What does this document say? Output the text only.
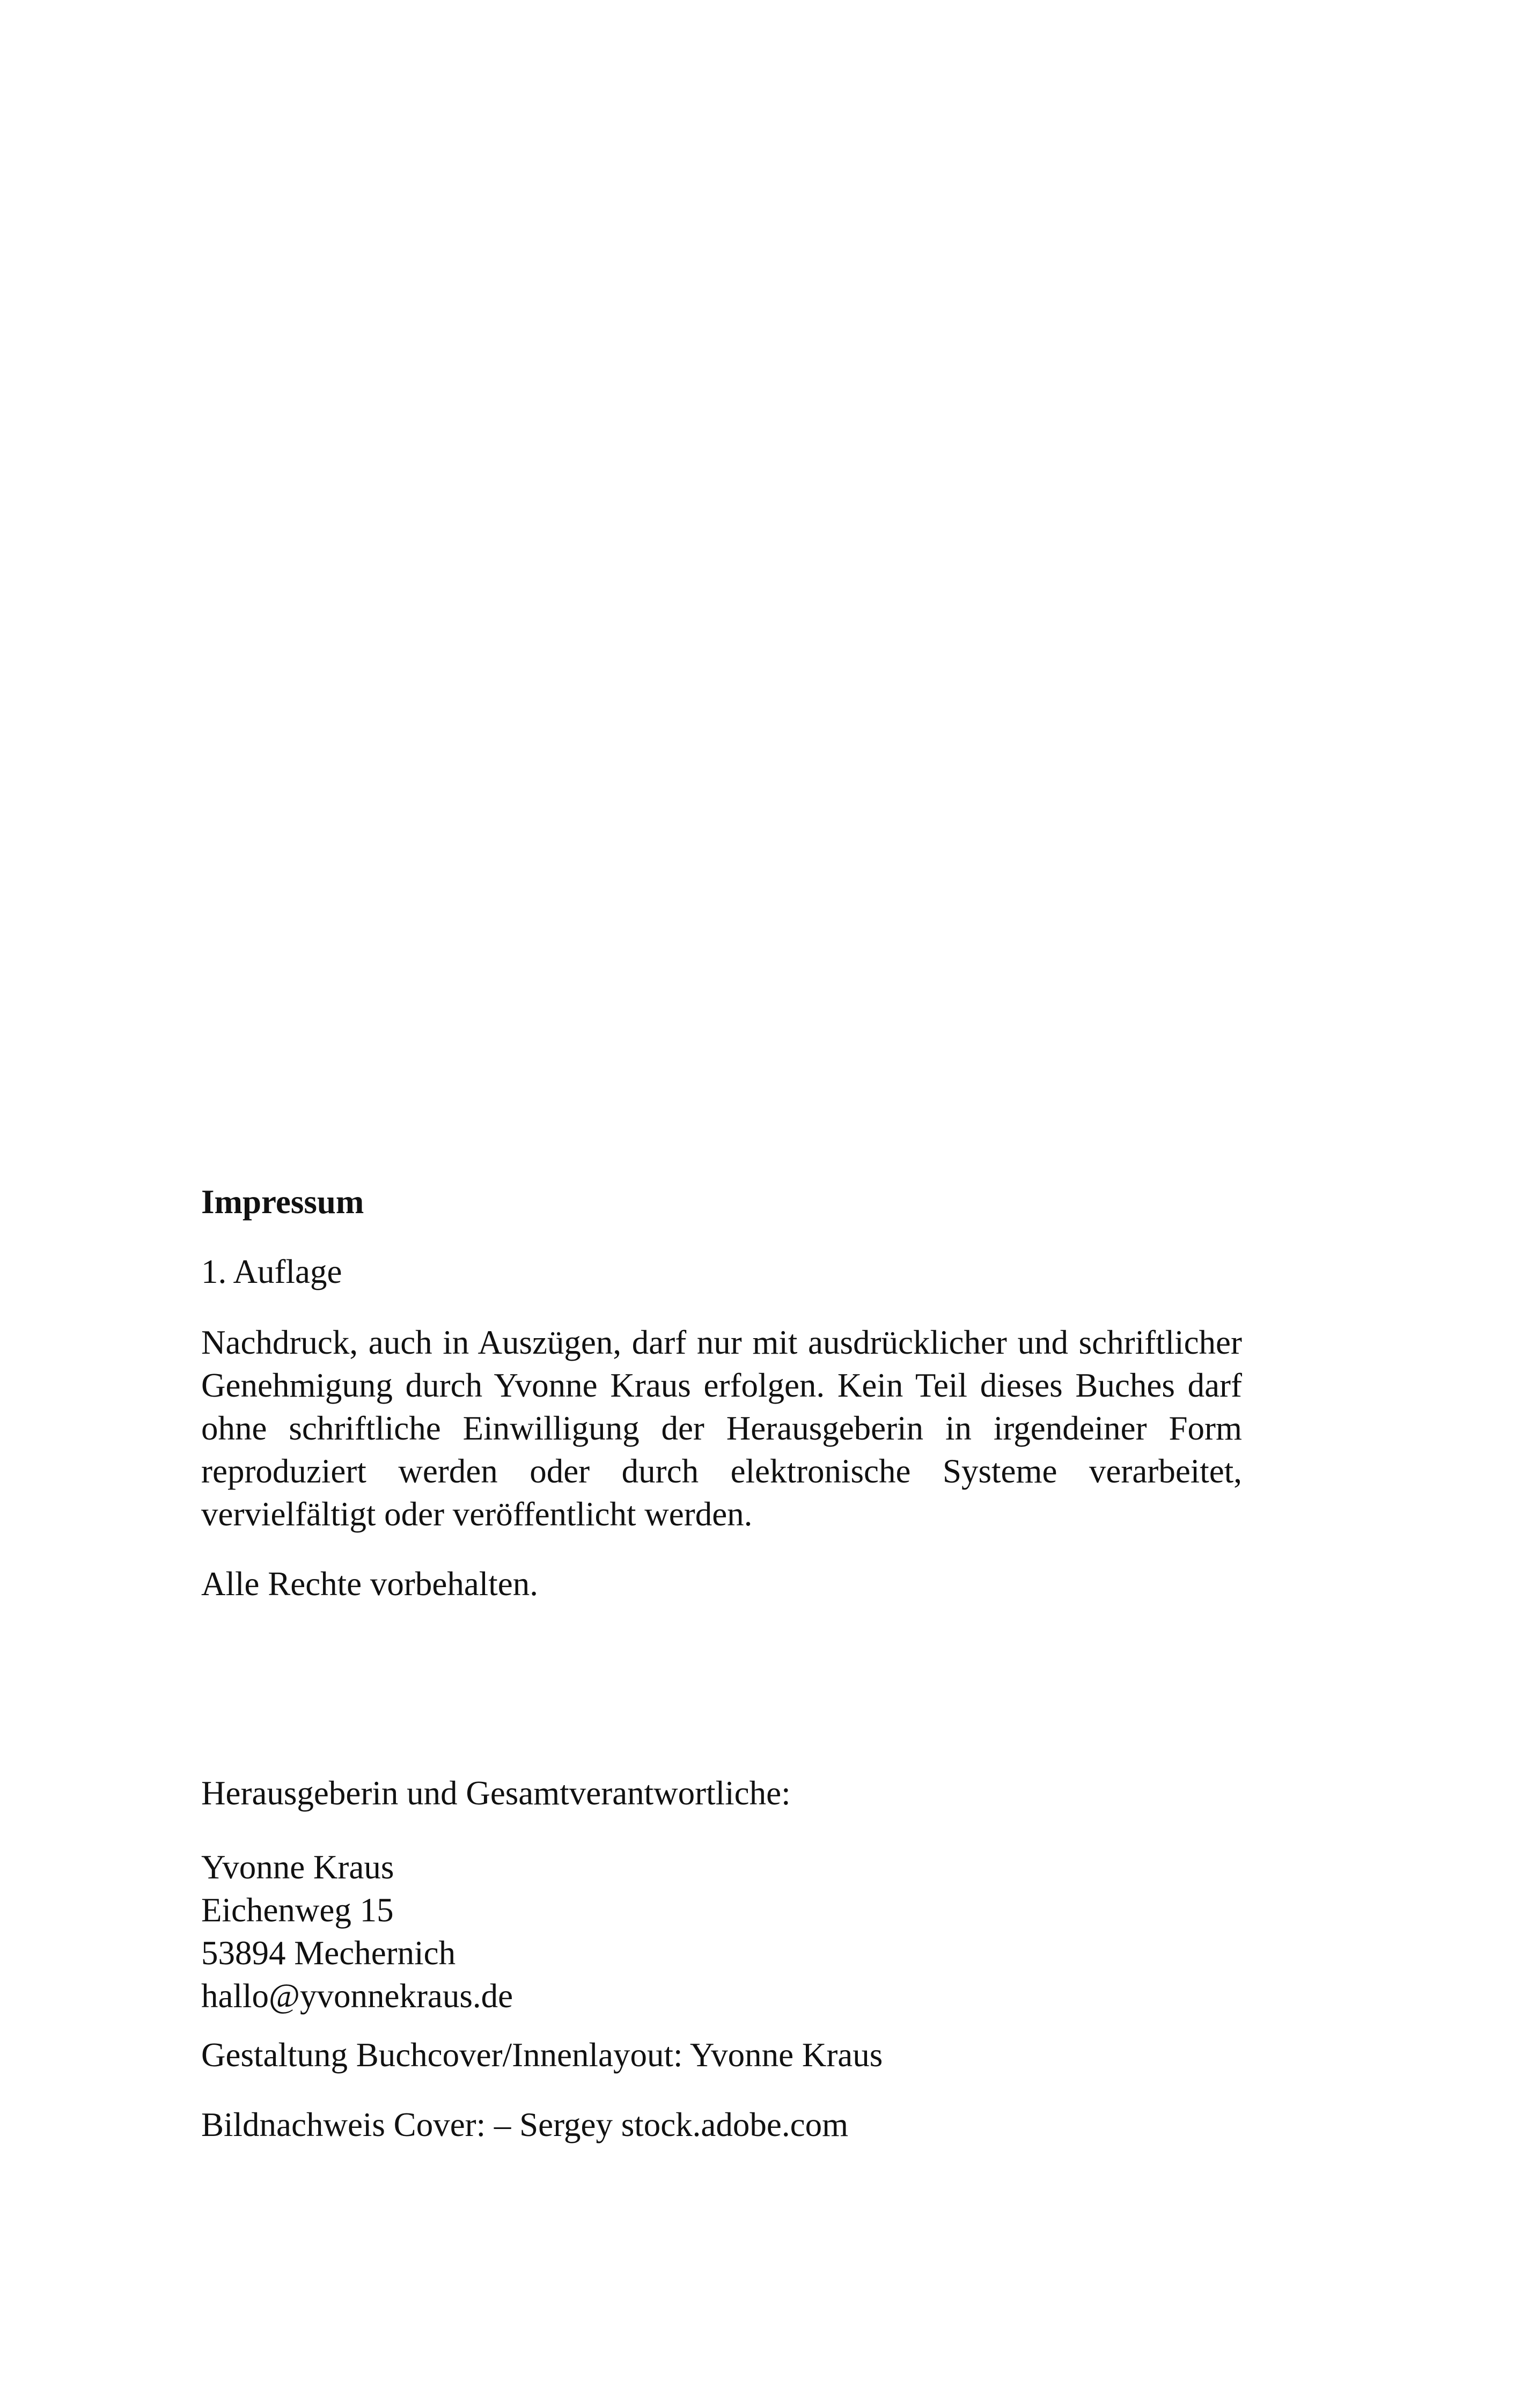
Impressum

1. Auflage

Nachdruck, auch in Auszügen, darf nur mit ausdrücklicher und schriftlicher Genehmigung durch Yvonne Kraus erfolgen. Kein Teil dieses Buches darf ohne schriftliche Einwilligung der Herausgeberin in irgendeiner Form reproduziert werden oder durch elektronische Systeme verarbeitet, vervielfältigt oder veröffentlicht werden.

Alle Rechte vorbehalten.

Herausgeberin und Gesamtverantwortliche:

Yvonne Kraus
Eichenweg 15
53894 Mechernich
hallo@yvonnekraus.de

Gestaltung Buchcover/Innenlayout: Yvonne Kraus

Bildnachweis Cover: – Sergey stock.adobe.com
